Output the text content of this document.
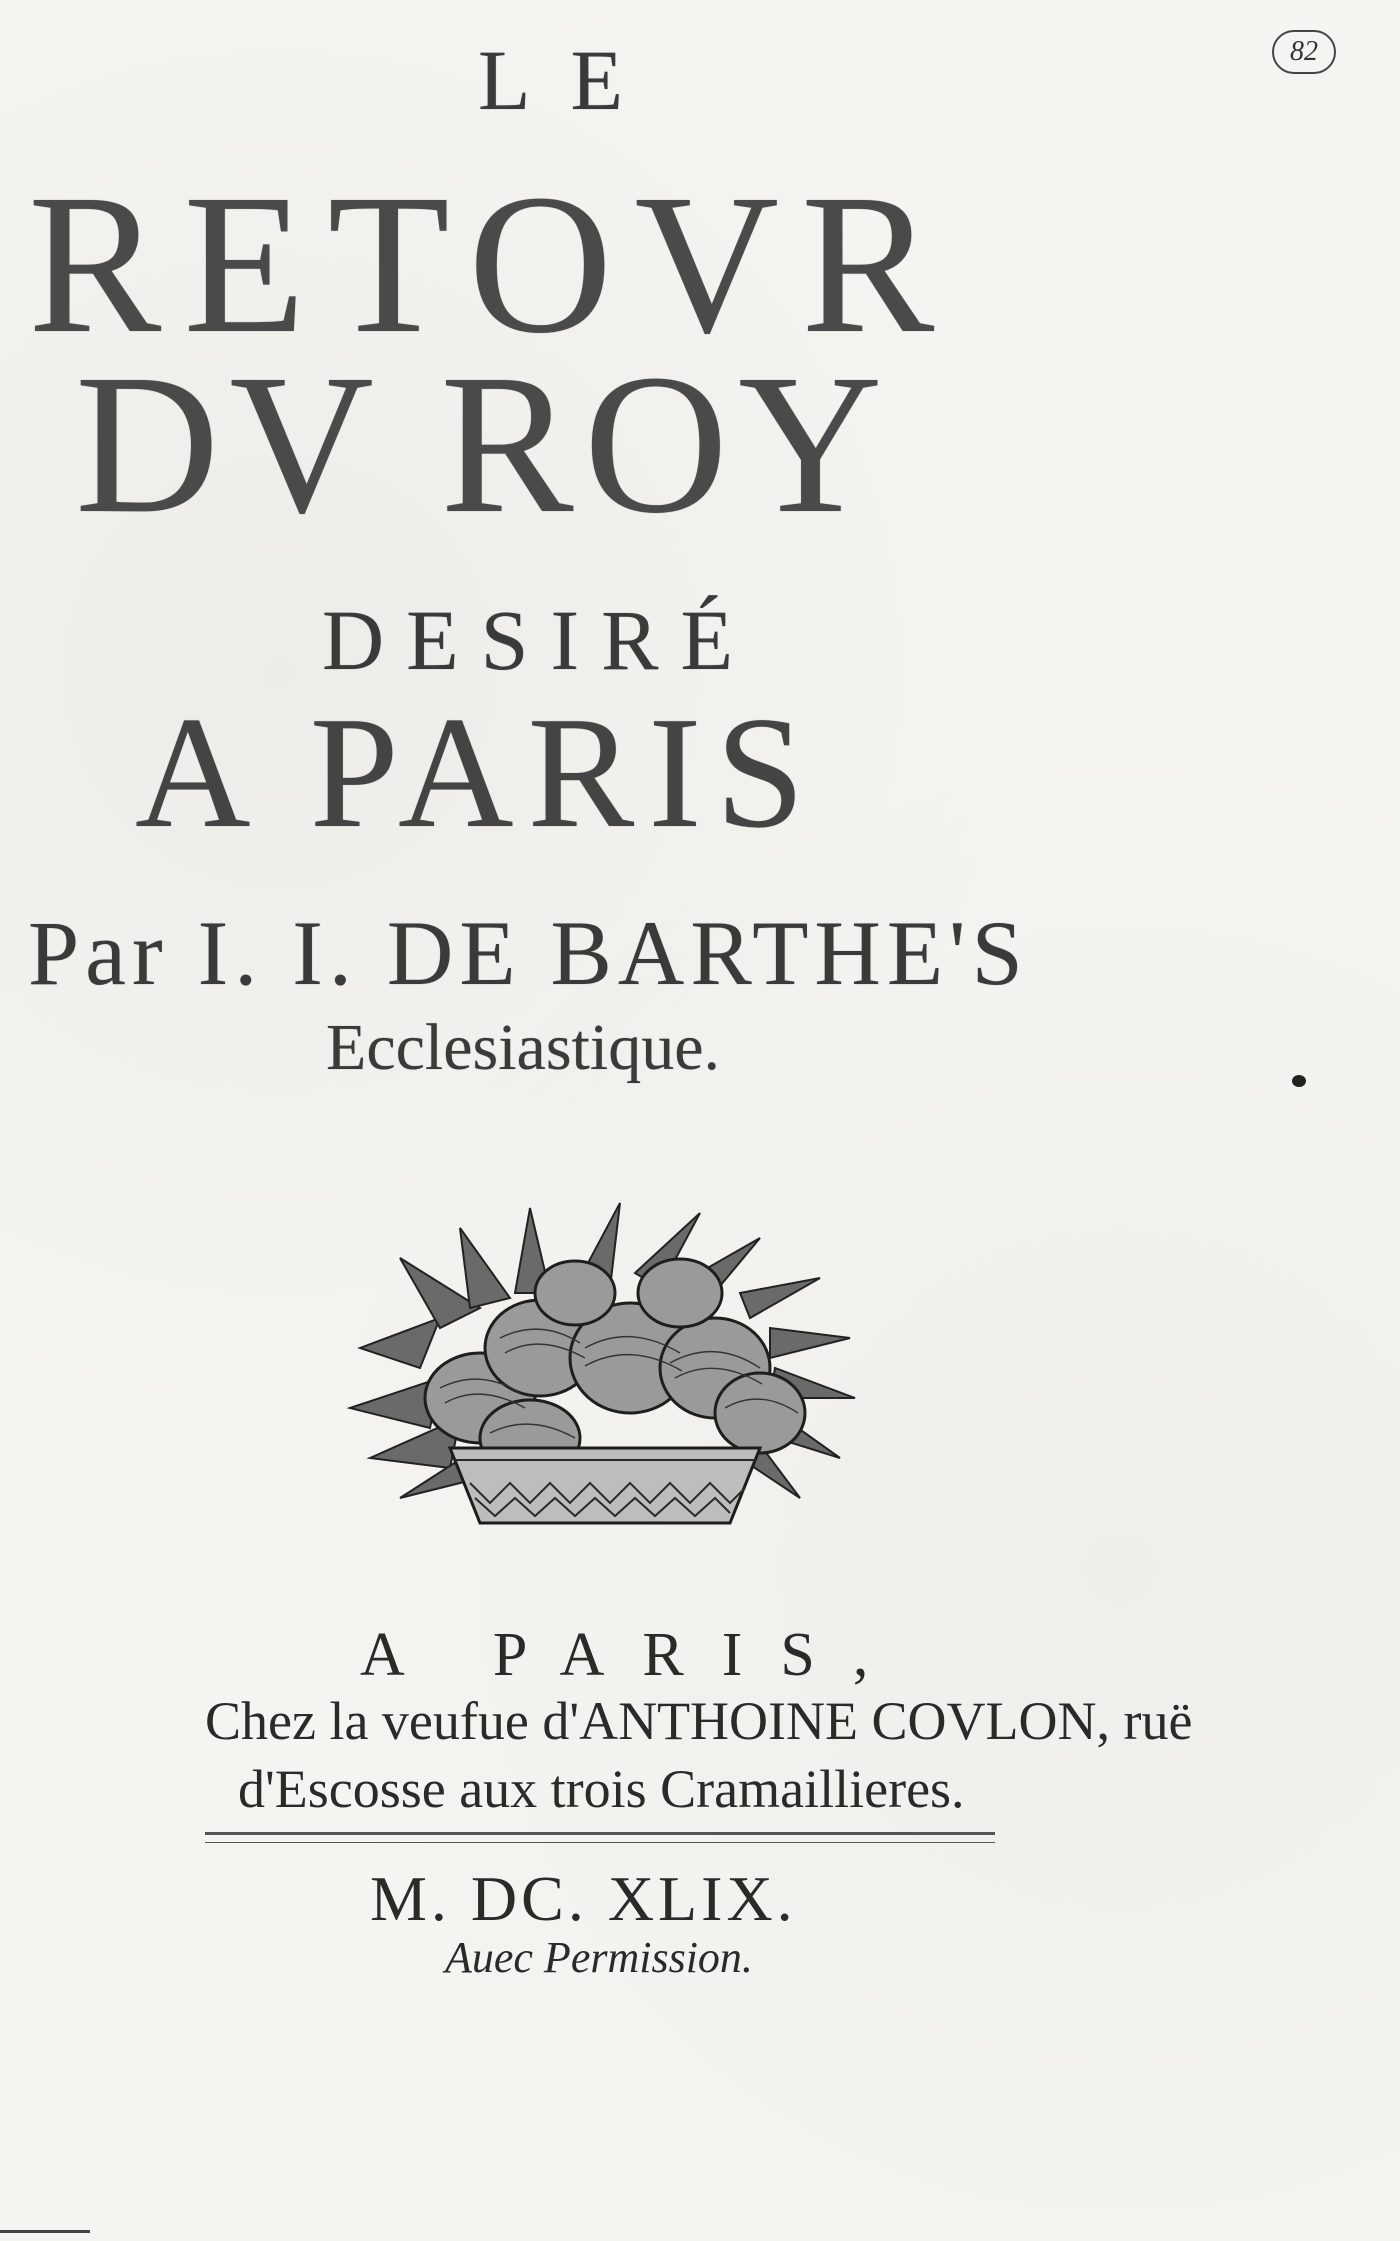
82
LE
RETOVR
DV ROY
DESIRÉ
A PARIS
Par I. I. DE BARTHE'S
Ecclesiastique.
A PARIS,
Chez la veufue d'ANTHOINE COVLON, ruë
d'Escosse aux trois Cramaillieres.
M. DC. XLIX.
Auec Permission.
